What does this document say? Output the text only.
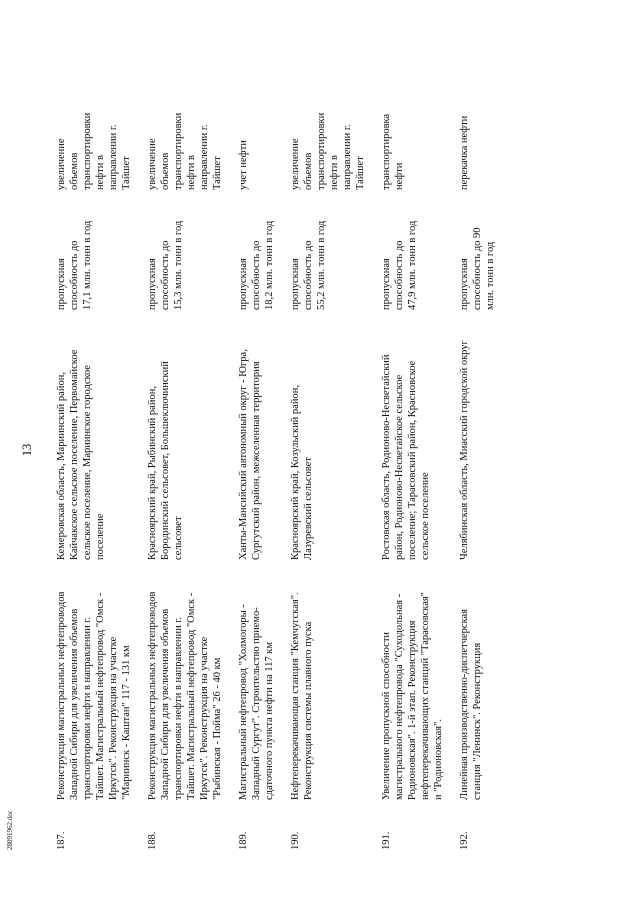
28091962.doc
13
187.
Реконструкция магистральных нефтепроводов Западной Сибири для увеличения объемов транспортировки нефти в направлении г. Тайшет. Магистральный нефтепровод "Омск - Иркутск". Реконструкция на участке "Мариинск - Каштан" 117 - 131 км
Кемеровская область, Мариинский район, Кайчакское сельское поселение, Первомайское сельское поселение, Мариинское городское поселение
пропускная способность до 17,1 млн. тонн в год
увеличение объемов транспортировки нефти в направлении г. Тайшет
188.
Реконструкция магистральных нефтепроводов Западной Сибири для увеличения объемов транспортировки нефти в направлении г. Тайшет. Магистральный нефтепровод "Омск - Иркутск". Реконструкция на участке "Рыбинская - Пойма" 26 - 40 км
Красноярский край, Рыбинский район, Бородинский сельсовет, Большеключинский сельсовет
пропускная способность до 15,3 млн. тонн в год
увеличение объемов транспортировки нефти в направлении г. Тайшет
189.
Магистральный нефтепровод "Холмогоры - Западный Сургут". Строительство приемо-сдаточного пункта нефти на 117 км
Ханты-Мансийский автономный округ - Югра, Сургутский район, межселенная территория
пропускная способность до 18,2 млн. тонн в год
учет нефти
190.
Нефтеперекачивающая станция "Кемчугская". Реконструкция системы плавного пуска
Красноярский край, Козульский район, Лазуревский сельсовет
пропускная способность до 55,2 млн. тонн в год
увеличение объемов транспортировки нефти в направлении г. Тайшет
191.
Увеличение пропускной способности магистрального нефтепровода "Суходольная - Родионовская". 1-й этап. Реконструкция нефтеперекачивающих станций "Тарасовская" и "Родионовская".
Ростовская область, Родионово-Несветайский район, Родионово-Несветайское сельское поселение; Тарасовский район, Красновское сельское поселение
пропускная способность до 47,9 млн. тонн в год
транспортировка нефти
192.
Линейная производственно-диспетчерская станция "Ленинск". Реконструкция
Челябинская область, Миасский городской округ
пропускная способность до 90 млн. тонн в год
перекачка нефти
